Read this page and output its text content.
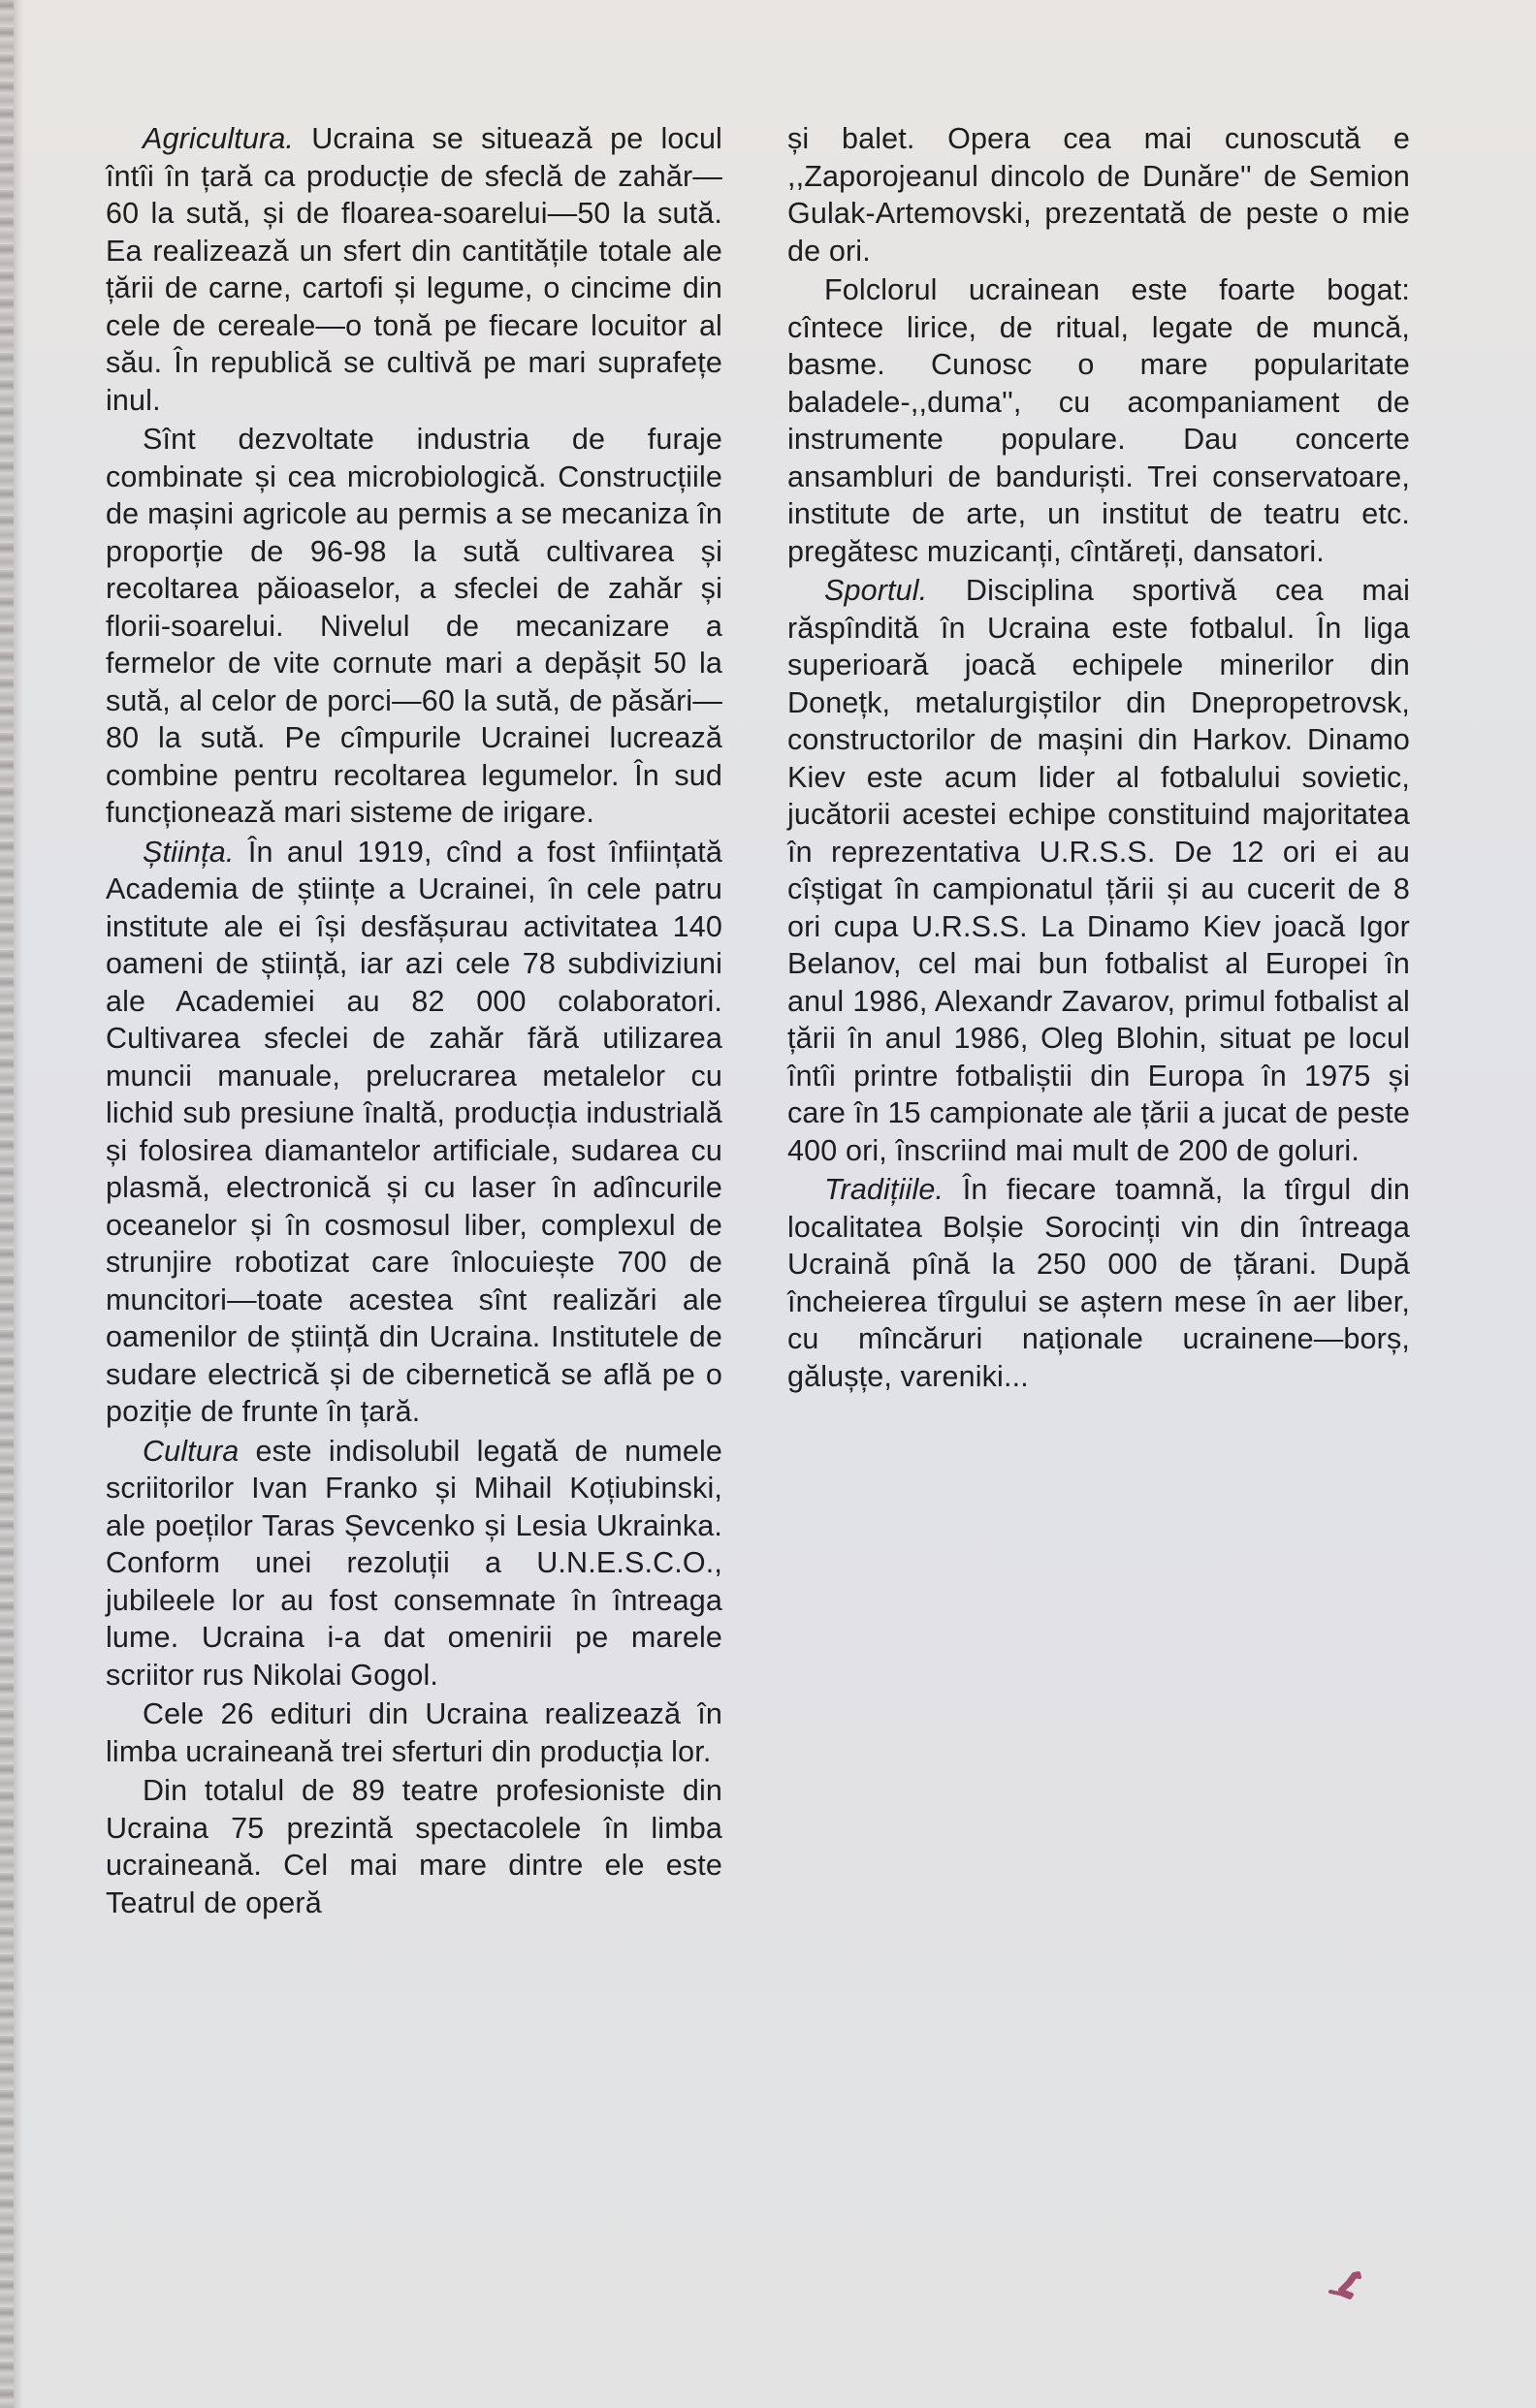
Agricultura. Ucraina se situează pe locul întîi în țară ca producție de sfeclă de zahăr—60 la sută, și de floarea-soarelui—50 la sută. Ea realizează un sfert din cantitățile totale ale țării de carne, cartofi și legume, o cincime din cele de cereale—o tonă pe fiecare locuitor al său. În republică se cultivă pe mari suprafețe inul.

Sînt dezvoltate industria de furaje combinate și cea microbiologică. Construcțiile de mașini agricole au permis a se mecaniza în proporție de 96-98 la sută cultivarea și recoltarea păioaselor, a sfeclei de zahăr și florii-soarelui. Nivelul de mecanizare a fermelor de vite cornute mari a depășit 50 la sută, al celor de porci—60 la sută, de păsări—80 la sută. Pe cîmpurile Ucrainei lucrează combine pentru recoltarea legumelor. În sud funcționează mari sisteme de irigare.

Știința. În anul 1919, cînd a fost înființată Academia de științe a Ucrainei, în cele patru institute ale ei își desfășurau activitatea 140 oameni de știință, iar azi cele 78 subdiviziuni ale Academiei au 82 000 colaboratori. Cultivarea sfeclei de zahăr fără utilizarea muncii manuale, prelucrarea metalelor cu lichid sub presiune înaltă, producția industrială și folosirea diamantelor artificiale, sudarea cu plasmă, electronică și cu laser în adîncurile oceanelor și în cosmosul liber, complexul de strunjire robotizat care înlocuiește 700 de muncitori—toate acestea sînt realizări ale oamenilor de știință din Ucraina. Institutele de sudare electrică și de cibernetică se află pe o poziție de frunte în țară.

Cultura este indisolubil legată de numele scriitorilor Ivan Franko și Mihail Koțiubinski, ale poeților Taras Șevcenko și Lesia Ukrainka. Conform unei rezoluții a U.N.E.S.C.O., jubileele lor au fost consemnate în întreaga lume. Ucraina i-a dat omenirii pe marele scriitor rus Nikolai Gogol.

Cele 26 edituri din Ucraina realizează în limba ucraineană trei sferturi din producția lor.

Din totalul de 89 teatre profesioniste din Ucraina 75 prezintă spectacolele în limba ucraineană. Cel mai mare dintre ele este Teatrul de operă

și balet. Opera cea mai cunoscută e ,,Zaporojeanul dincolo de Dunăre'' de Semion Gulak-Artemovski, prezentată de peste o mie de ori.

Folclorul ucrainean este foarte bogat: cîntece lirice, de ritual, legate de muncă, basme. Cunosc o mare popularitate baladele-,,duma'', cu acompaniament de instrumente populare. Dau concerte ansambluri de banduriști. Trei conservatoare, institute de arte, un institut de teatru etc. pregătesc muzicanți, cîntăreți, dansatori.

Sportul. Disciplina sportivă cea mai răspîndită în Ucraina este fotbalul. În liga superioară joacă echipele minerilor din Donețk, metalurgiștilor din Dnepropetrovsk, constructorilor de mașini din Harkov. Dinamo Kiev este acum lider al fotbalului sovietic, jucătorii acestei echipe constituind majoritatea în reprezentativa U.R.S.S. De 12 ori ei au cîștigat în campionatul țării și au cucerit de 8 ori cupa U.R.S.S. La Dinamo Kiev joacă Igor Belanov, cel mai bun fotbalist al Europei în anul 1986, Alexandr Zavarov, primul fotbalist al țării în anul 1986, Oleg Blohin, situat pe locul întîi printre fotbaliștii din Europa în 1975 și care în 15 campionate ale țării a jucat de peste 400 ori, înscriind mai mult de 200 de goluri.

Tradițiile. În fiecare toamnă, la tîrgul din localitatea Bolșie Sorocinți vin din întreaga Ucraină pînă la 250 000 de țărani. După încheierea tîrgului se aștern mese în aer liber, cu mîncăruri naționale ucrainene—borș, gălușțe, vareniki...
